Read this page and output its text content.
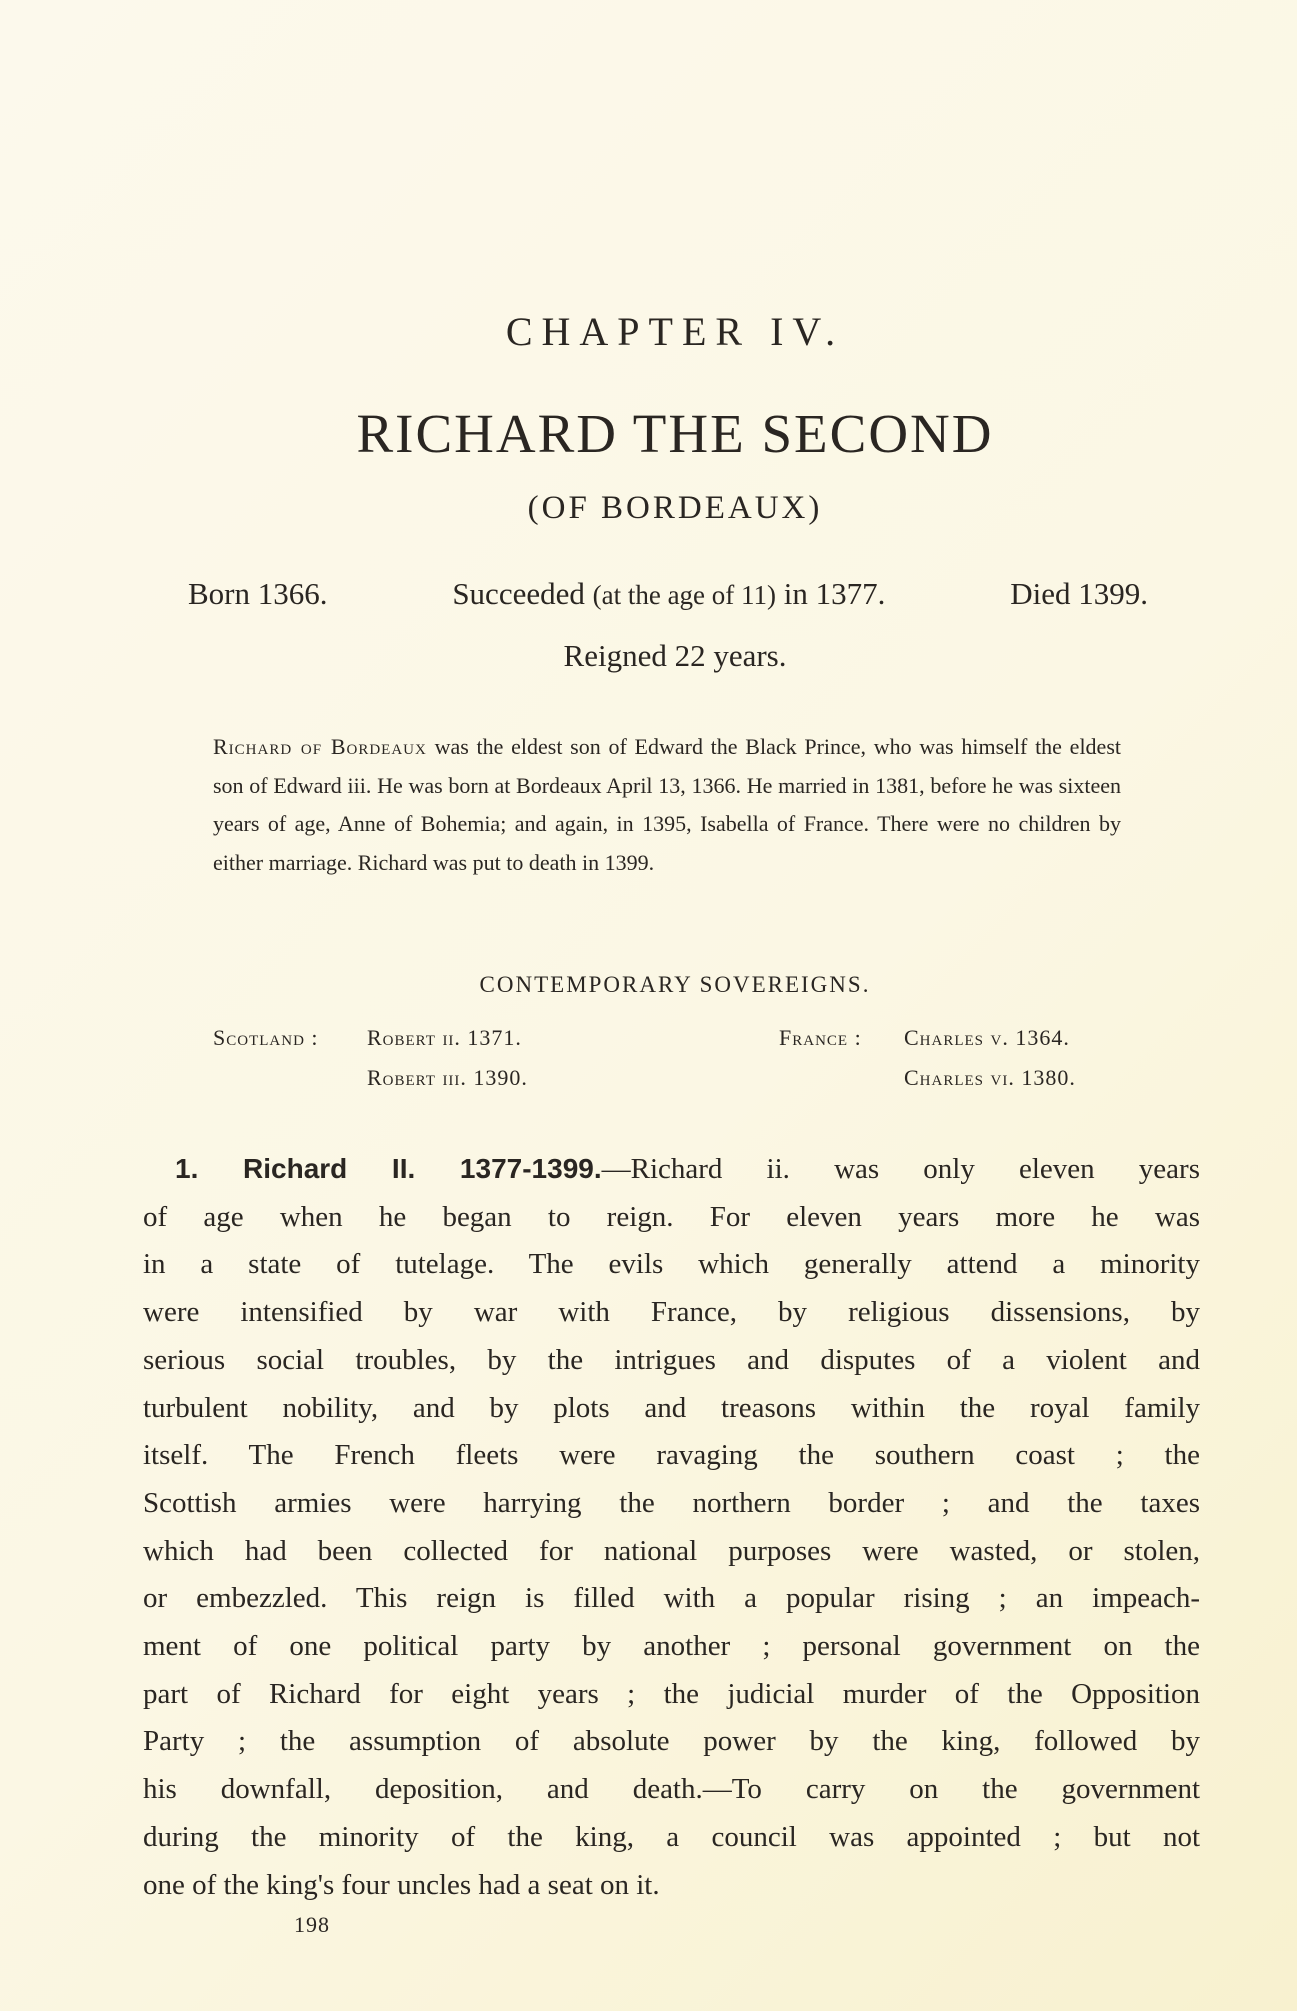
CHAPTER IV.
RICHARD THE SECOND
(OF BORDEAUX)
Born 1366.	Succeeded (at the age of 11) in 1377.	Died 1399.
Reigned 22 years.
Richard of Bordeaux was the eldest son of Edward the Black Prince, who was himself the eldest son of Edward iii. He was born at Bordeaux April 13, 1366. He married in 1381, before he was sixteen years of age, Anne of Bohemia; and again, in 1395, Isabella of France. There were no children by either marriage. Richard was put to death in 1399.
CONTEMPORARY SOVEREIGNS.
Scotland : Robert ii. 1371.
Robert iii. 1390.
France : Charles v. 1364.
Charles vi. 1380.
1. Richard II. 1377-1399.—Richard ii. was only eleven years
of age when he began to reign. For eleven years more he was
in a state of tutelage. The evils which generally attend a minority
were intensified by war with France, by religious dissensions, by
serious social troubles, by the intrigues and disputes of a violent and
turbulent nobility, and by plots and treasons within the royal family
itself. The French fleets were ravaging the southern coast ; the
Scottish armies were harrying the northern border ; and the taxes
which had been collected for national purposes were wasted, or stolen,
or embezzled. This reign is filled with a popular rising ; an impeach-
ment of one political party by another ; personal government on the
part of Richard for eight years ; the judicial murder of the Opposition
Party ; the assumption of absolute power by the king, followed by
his downfall, deposition, and death.—To carry on the government
during the minority of the king, a council was appointed ; but not
one of the king's four uncles had a seat on it.
198
